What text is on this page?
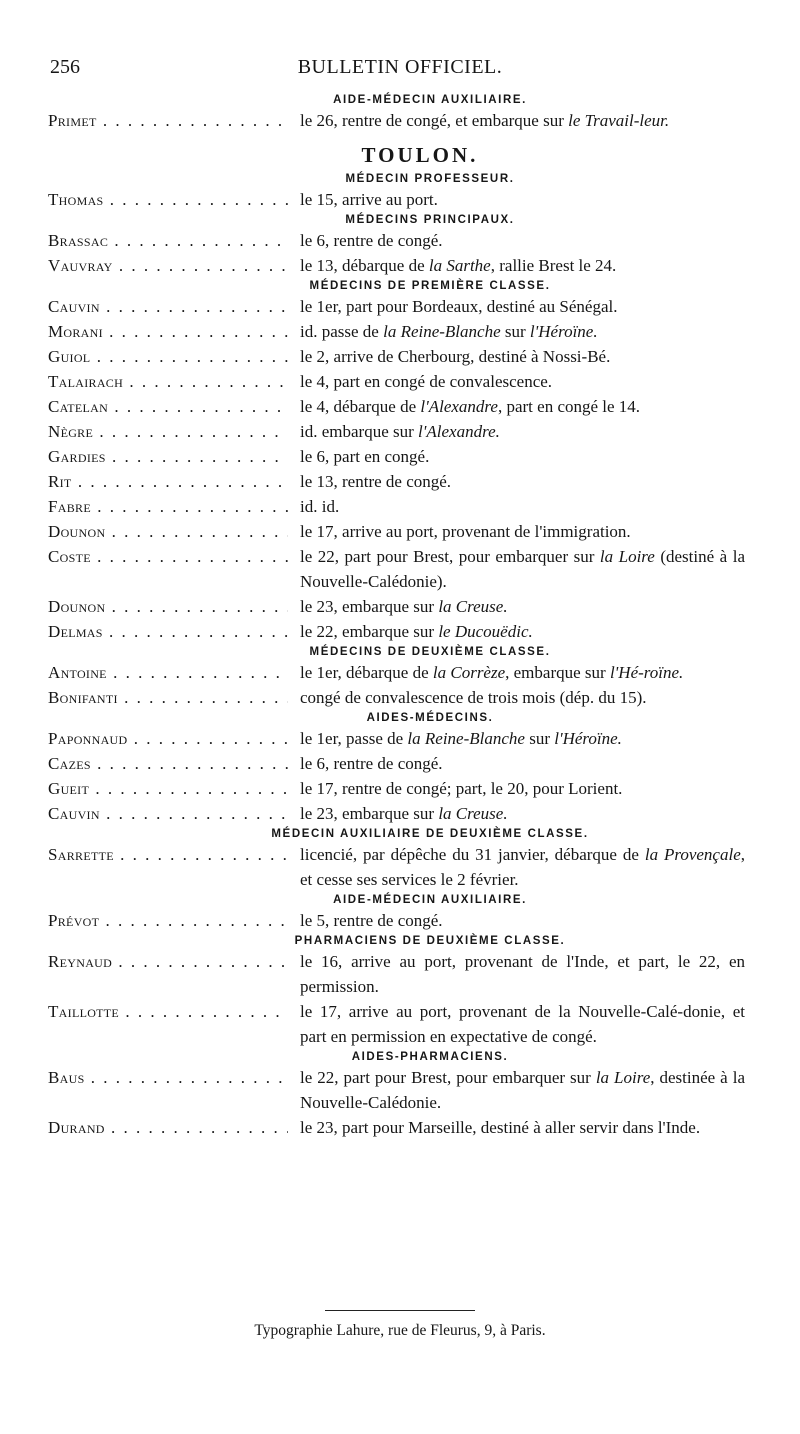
256	BULLETIN OFFICIEL.
AIDE-MÉDECIN AUXILIAIRE.
Primet . . .	le 26, rentre de congé, et embarque sur le Travail-leur.
TOULON.
MÉDECIN PROFESSEUR.
Thomas . . .	le 15, arrive au port.
MÉDECINS PRINCIPAUX.
Brassac . . .	le 6, rentre de congé.
Vauvray . . .	le 13, débarque de la Sarthe, rallie Brest le 24.
MÉDECINS DE PREMIÈRE CLASSE.
Cauvin . . .	le 1er, part pour Bordeaux, destiné au Sénégal.
Morani . . .	id. passe de la Reine-Blanche sur l'Héroïne.
Guiol . . .	le 2, arrive de Cherbourg, destiné à Nossi-Bé.
Talairach . . .	le 4, part en congé de convalescence.
Catelan . . .	le 4, débarque de l'Alexandre, part en congé le 14.
Nègre . . .	id. embarque sur l'Alexandre.
Gardies . . .	le 6, part en congé.
Rit . . .	le 13, rentre de congé.
Fabre . . .	id. id.
Dounon . . .	le 17, arrive au port, provenant de l'immigration.
Coste . . .	le 22, part pour Brest, pour embarquer sur la Loire (destiné à la Nouvelle-Calédonie).
Dounon . . .	le 23, embarque sur la Creuse.
Delmas . . .	le 22, embarque sur le Ducouëdic.
MÉDECINS DE DEUXIÈME CLASSE.
Antoine . . .	le 1er, débarque de la Corrèze, embarque sur l'Hé-roïne.
Bonifanti . . .	congé de convalescence de trois mois (dép. du 15).
AIDES-MÉDECINS.
Paponnaud . . .	le 1er, passe de la Reine-Blanche sur l'Héroïne.
Cazes . . .	le 6, rentre de congé.
Gueit . . .	le 17, rentre de congé; part, le 20, pour Lorient.
Cauvin . . .	le 23, embarque sur la Creuse.
MÉDECIN AUXILIAIRE DE DEUXIÈME CLASSE.
Sarrette . . .	licencié, par dépêche du 31 janvier, débarque de la Provençale, et cesse ses services le 2 février.
AIDE-MÉDECIN AUXILIAIRE.
Prévot . . .	le 5, rentre de congé.
PHARMACIENS DE DEUXIÈME CLASSE.
Reynaud . . .	le 16, arrive au port, provenant de l'Inde, et part, le 22, en permission.
Taillotte . . .	le 17, arrive au port, provenant de la Nouvelle-Calé-donie, et part en permission en expectative de congé.
AIDES-PHARMACIENS.
Baus . . .	le 22, part pour Brest, pour embarquer sur la Loire, destinée à la Nouvelle-Calédonie.
Durand . . .	le 23, part pour Marseille, destiné à aller servir dans l'Inde.
Typographie Lahure, rue de Fleurus, 9, à Paris.
